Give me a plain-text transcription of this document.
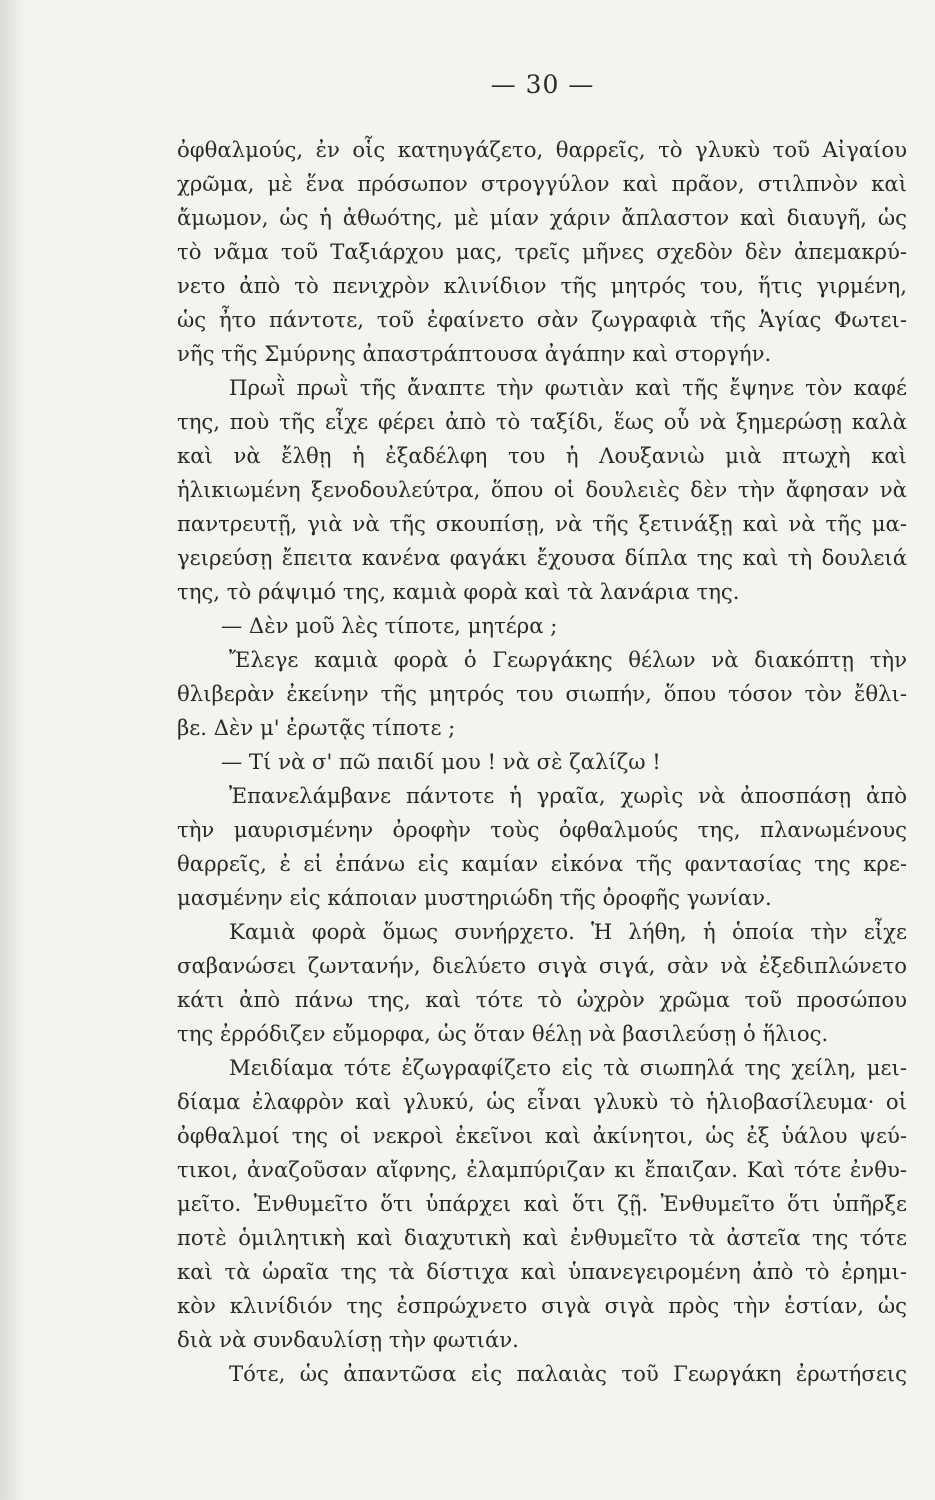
— 30 —
ὀφθαλμούς, ἐν οἷς κατηυγάζετο, θαρρεῖς, τὸ γλυκὺ τοῦ Αἰγαίου
χρῶμα, μὲ ἕνα πρόσωπον στρογγύλον καὶ πρᾶον, στιλπνὸν καὶ
ἄμωμον, ὡς ἡ ἀθωότης, μὲ μίαν χάριν ἄπλαστον καὶ διαυγῆ, ὡς
τὸ νᾶμα τοῦ Ταξιάρχου μας, τρεῖς μῆνες σχεδὸν δὲν ἀπεμακρύ-
νετο ἀπὸ τὸ πενιχρὸν κλινίδιον τῆς μητρός του, ἥτις γιρμένη,
ὡς ἦτο πάντοτε, τοῦ ἐφαίνετο σὰν ζωγραφιὰ τῆς Ἁγίας Φωτει-
νῆς τῆς Σμύρνης ἀπαστράπτουσα ἀγάπην καὶ στοργήν.
Πρωῒ πρωῒ τῆς ἄναπτε τὴν φωτιὰν καὶ τῆς ἔψηνε τὸν καφέ
της, ποὺ τῆς εἶχε φέρει ἀπὸ τὸ ταξίδι, ἕως οὗ νὰ ξημερώσῃ καλὰ
καὶ νὰ ἔλθῃ ἡ ἐξαδέλφη του ἡ Λουξανιὼ μιὰ πτωχὴ καὶ
ἡλικιωμένη ξενοδουλεύτρα, ὅπου οἱ δουλειὲς δὲν τὴν ἄφησαν νὰ
παντρευτῇ, γιὰ νὰ τῆς σκουπίσῃ, νὰ τῆς ξετινάξῃ καὶ νὰ τῆς μα-
γειρεύσῃ ἔπειτα κανένα φαγάκι ἔχουσα δίπλα της καὶ τὴ δουλειά
της, τὸ ράψιμό της, καμιὰ φορὰ καὶ τὰ λανάρια της.
— Δὲν μοῦ λὲς τίποτε, μητέρα ;
Ἔλεγε καμιὰ φορὰ ὁ Γεωργάκης θέλων νὰ διακόπτῃ τὴν
θλιβερὰν ἐκείνην τῆς μητρός του σιωπήν, ὅπου τόσον τὸν ἔθλι-
βε. Δὲν μ' ἐρωτᾷς τίποτε ;
— Τί νὰ σ' πῶ παιδί μου ! νὰ σὲ ζαλίζω !
Ἐπανελάμβανε πάντοτε ἡ γραῖα, χωρὶς νὰ ἀποσπάσῃ ἀπὸ
τὴν μαυρισμένην ὀροφὴν τοὺς ὀφθαλμούς της, πλανωμένους
θαρρεῖς, ἐ εἰ ἐπάνω εἰς καμίαν εἰκόνα τῆς φαντασίας της κρε-
μασμένην εἰς κάποιαν μυστηριώδη τῆς ὀροφῆς γωνίαν.
Καμιὰ φορὰ ὅμως συνήρχετο. Ἡ λήθη, ἡ ὁποία τὴν εἶχε
σαβανώσει ζωντανήν, διελύετο σιγὰ σιγά, σὰν νὰ ἐξεδιπλώνετο
κάτι ἀπὸ πάνω της, καὶ τότε τὸ ὠχρὸν χρῶμα τοῦ προσώπου
της ἐρρόδιζεν εὔμορφα, ὡς ὅταν θέλῃ νὰ βασιλεύσῃ ὁ ἥλιος.
Μειδίαμα τότε ἐζωγραφίζετο εἰς τὰ σιωπηλά της χείλη, μει-
δίαμα ἐλαφρὸν καὶ γλυκύ, ὡς εἶναι γλυκὺ τὸ ἡλιοβασίλευμα· οἱ
ὀφθαλμοί της οἱ νεκροὶ ἐκεῖνοι καὶ ἀκίνητοι, ὡς ἐξ ὑάλου ψεύ-
τικοι, ἀναζοῦσαν αἴφνης, ἐλαμπύριζαν κι ἔπαιζαν. Καὶ τότε ἐνθυ-
μεῖτο. Ἐνθυμεῖτο ὅτι ὑπάρχει καὶ ὅτι ζῇ. Ἐνθυμεῖτο ὅτι ὑπῆρξε
ποτὲ ὁμιλητικὴ καὶ διαχυτικὴ καὶ ἐνθυμεῖτο τὰ ἀστεῖα της τότε
καὶ τὰ ὡραῖα της τὰ δίστιχα καὶ ὑπανεγειρομένη ἀπὸ τὸ ἐρημι-
κὸν κλινίδιόν της ἐσπρώχνετο σιγὰ σιγὰ πρὸς τὴν ἑστίαν, ὡς
διὰ νὰ συνδαυλίσῃ τὴν φωτιάν.
Τότε, ὡς ἀπαντῶσα εἰς παλαιὰς τοῦ Γεωργάκη ἐρωτήσεις
